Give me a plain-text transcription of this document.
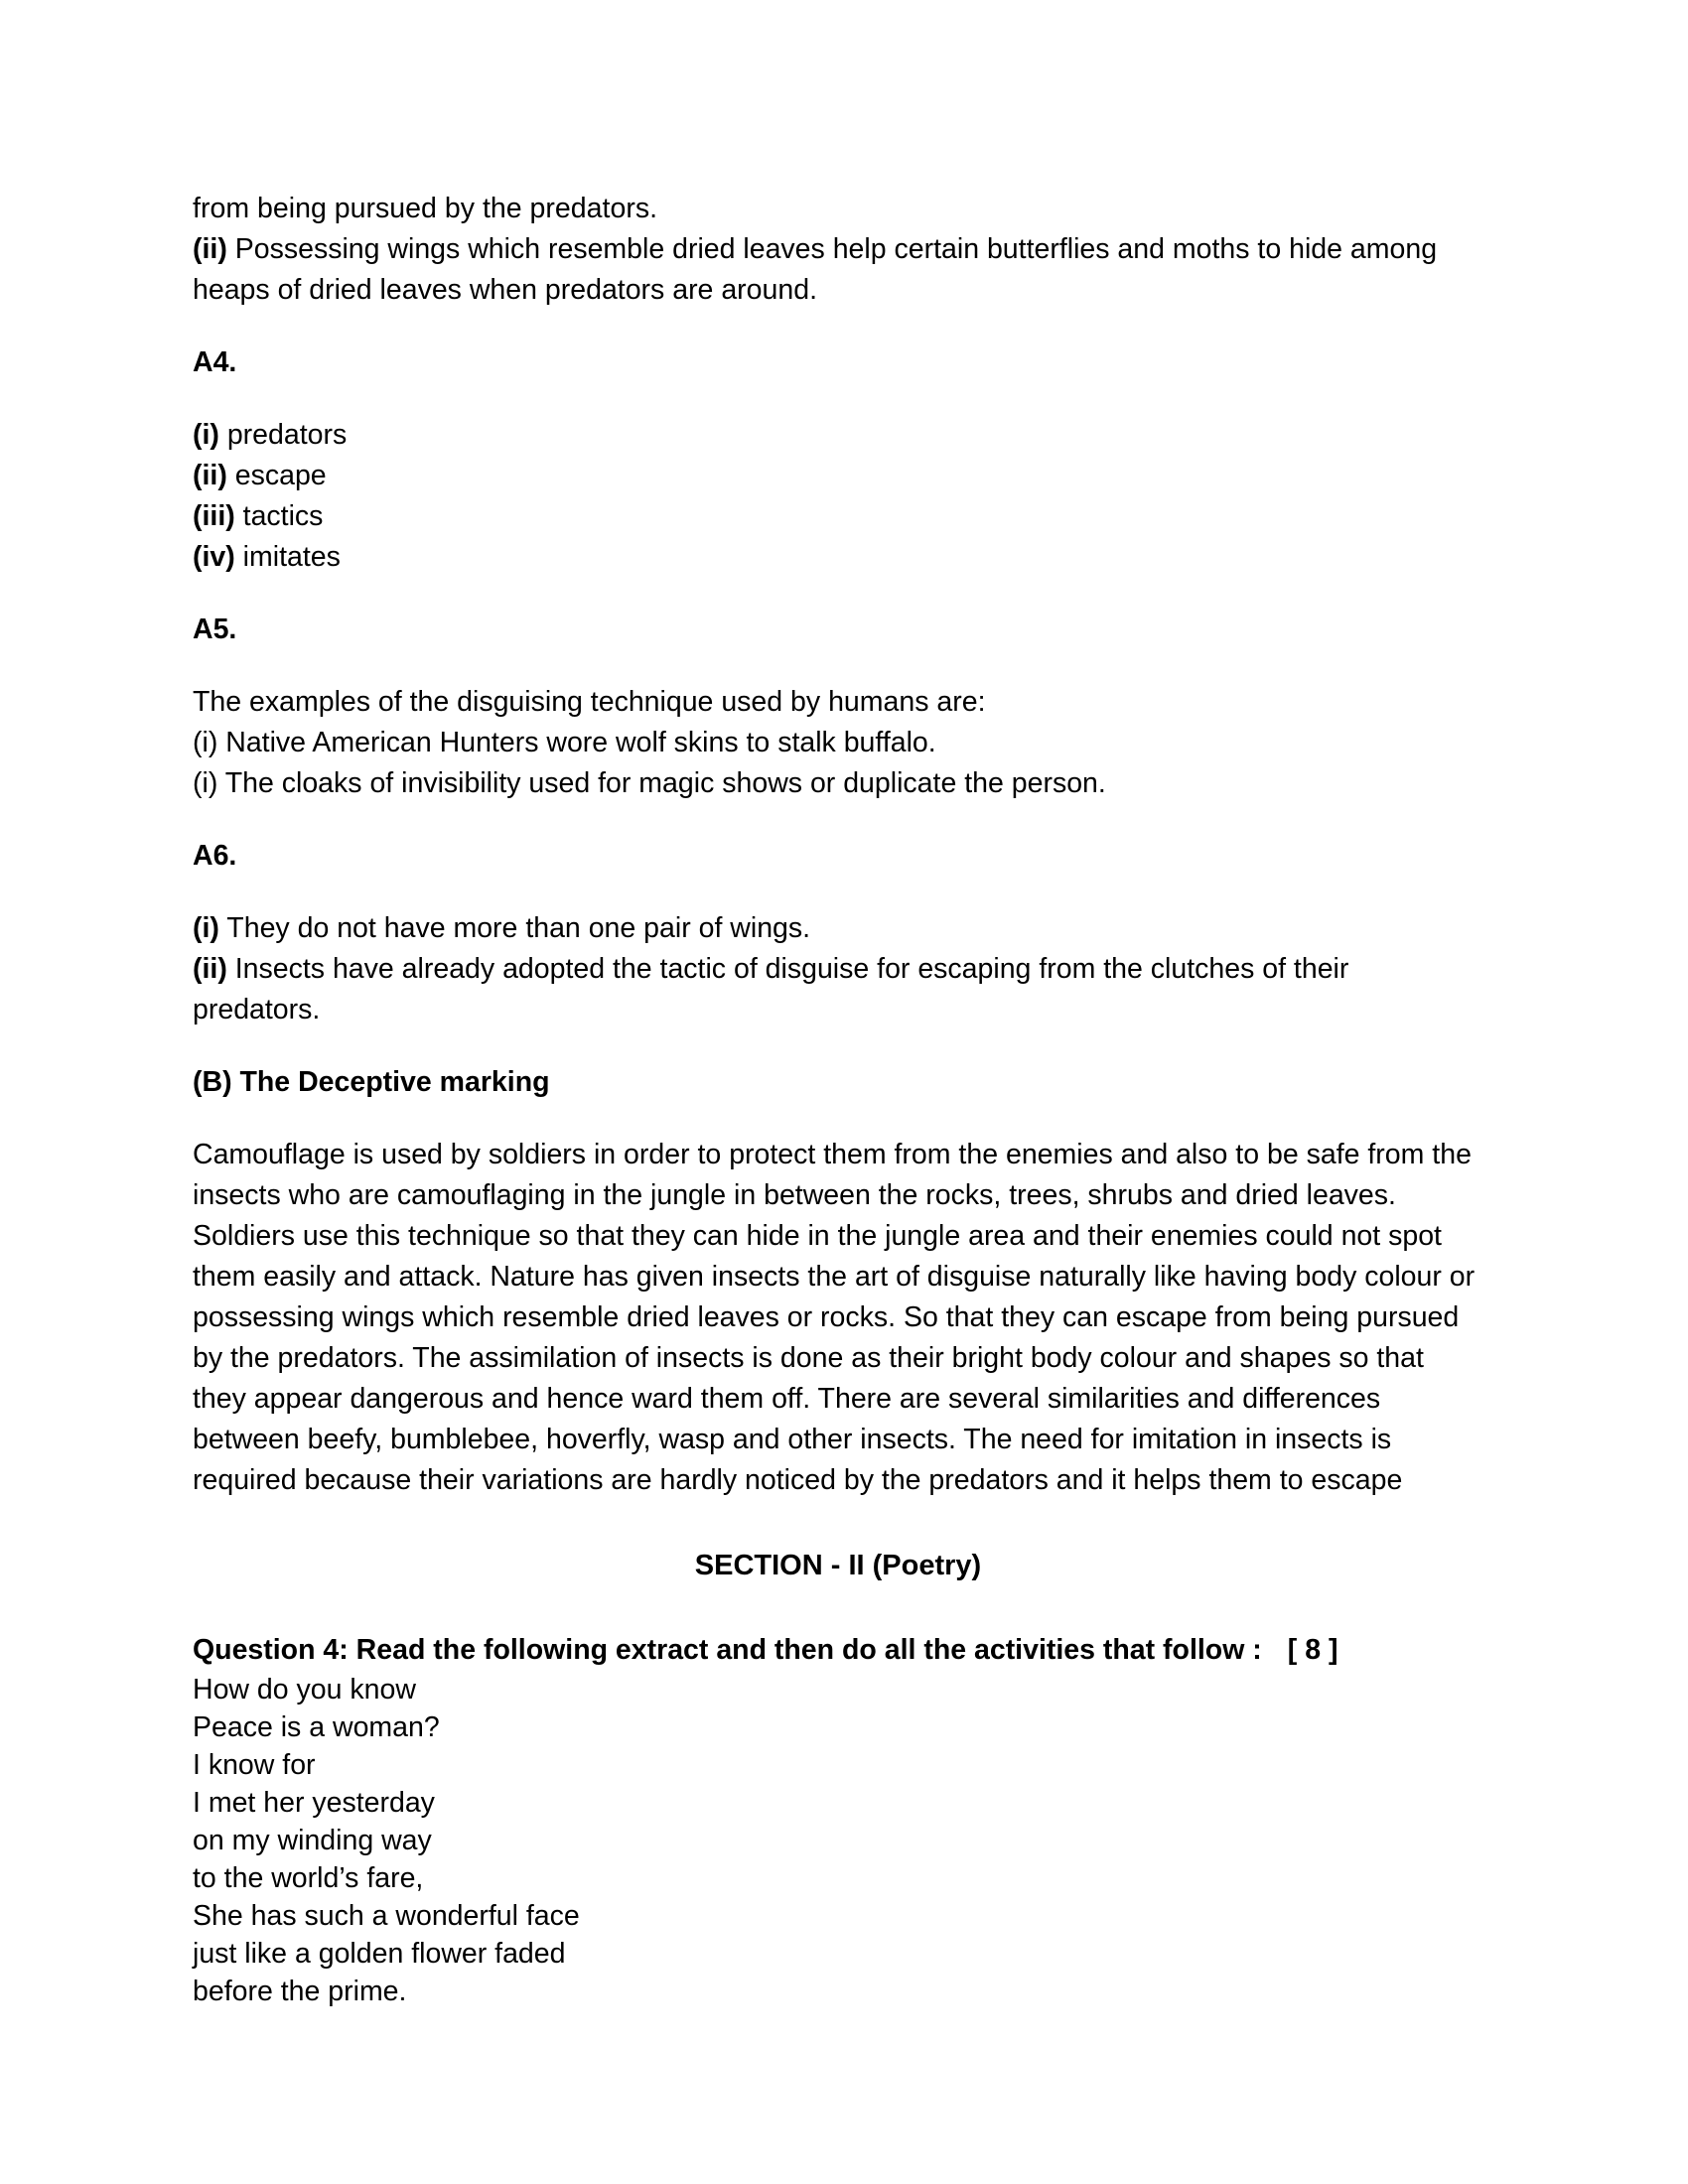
from being pursued by the predators.

(ii) Possessing wings which resemble dried leaves help certain butterflies and moths to hide among heaps of dried leaves when predators are around.

A4.

(i) predators

(ii) escape

(iii) tactics

(iv) imitates

A5.

The examples of the disguising technique used by humans are:

(i) Native American Hunters wore wolf skins to stalk buffalo.

(i) The cloaks of invisibility used for magic shows or duplicate the person.

A6.

(i) They do not have more than one pair of wings.

(ii) Insects have already adopted the tactic of disguise for escaping from the clutches of their predators.

(B) The Deceptive marking

Camouflage is used by soldiers in order to protect them from the enemies and also to be safe from the insects who are camouflaging in the jungle in between the rocks, trees, shrubs and dried leaves. Soldiers use this technique so that they can hide in the jungle area and their enemies could not spot them easily and attack. Nature has given insects the art of disguise naturally like having body colour or possessing wings which resemble dried leaves or rocks. So that they can escape from being pursued by the predators. The assimilation of insects is done as their bright body colour and shapes so that they appear dangerous and hence ward them off. There are several similarities and differences between beefy, bumblebee, hoverfly, wasp and other insects. The need for imitation in insects is required because their variations are hardly noticed by the predators and it helps them to escape

SECTION - II (Poetry)

Question 4: Read the following extract and then do all the activities that follow : [ 8 ]

How do you know

Peace is a woman?

I know for

I met her yesterday

on my winding way

to the world’s fare,

She has such a wonderful face

just like a golden flower faded

before the prime.
